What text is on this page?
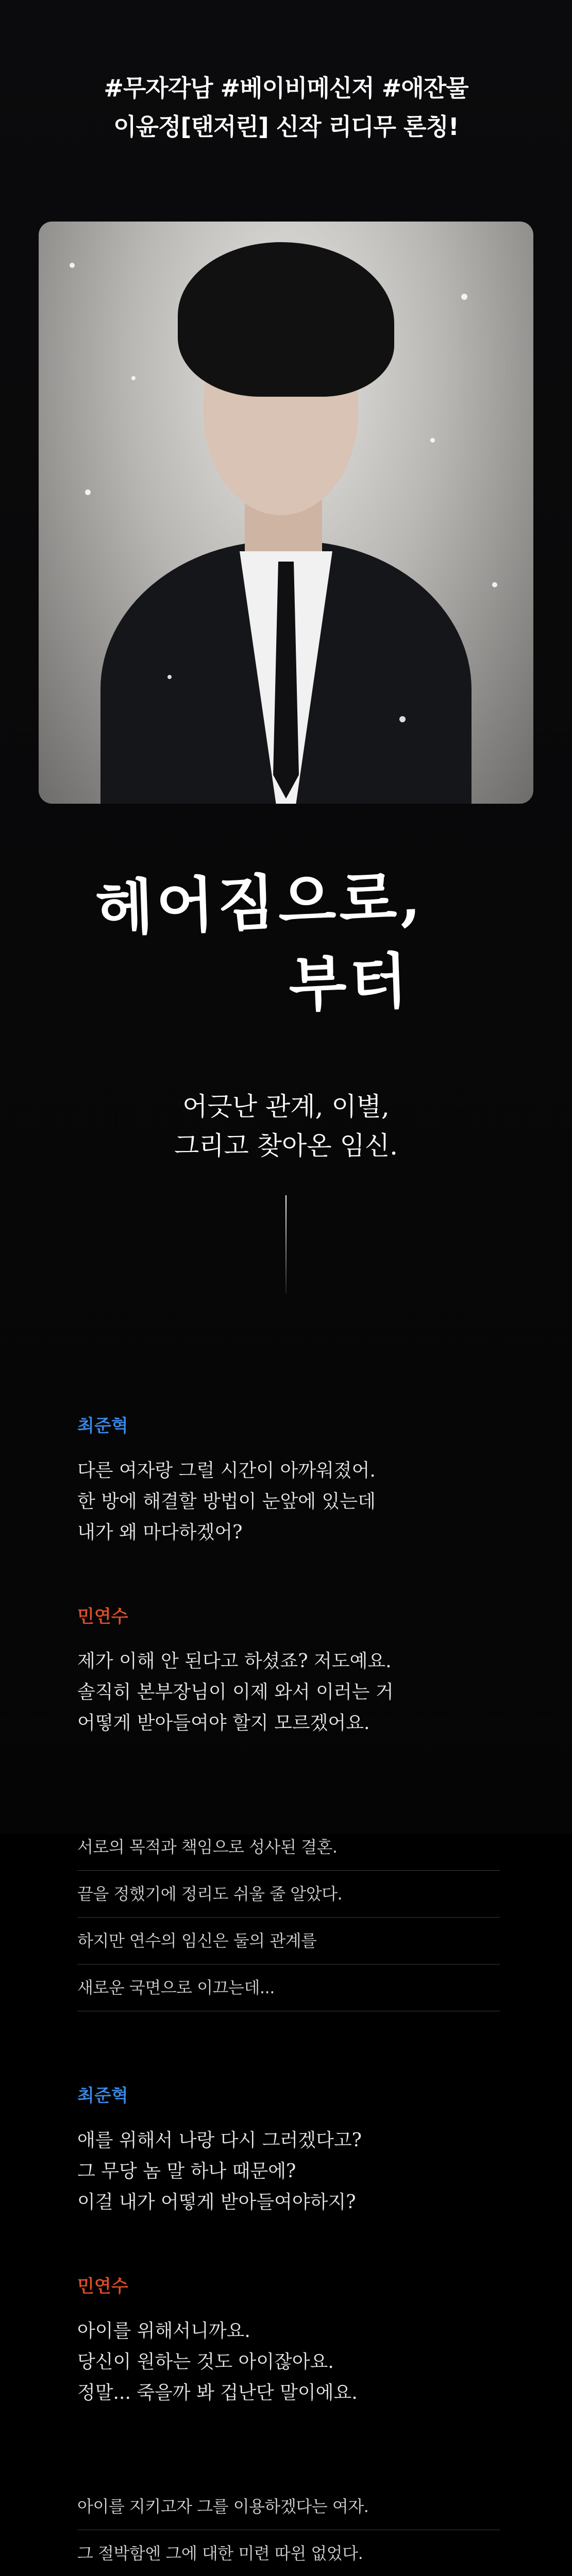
#무자각남 #베이비메신저 #애잔물
이윤정[탠저린] 신작 리디무 론칭!
헤어짐으로,
부터
어긋난 관계, 이별,
그리고 찾아온 임신.
최준혁
다른 여자랑 그럴 시간이 아까워졌어.
한 방에 해결할 방법이 눈앞에 있는데
내가 왜 마다하겠어?
민연수
제가 이해 안 된다고 하셨죠? 저도예요.
솔직히 본부장님이 이제 와서 이러는 거
어떻게 받아들여야 할지 모르겠어요.
서로의 목적과 책임으로 성사된 결혼.
끝을 정했기에 정리도 쉬울 줄 알았다.
하지만 연수의 임신은 둘의 관계를
새로운 국면으로 이끄는데...
최준혁
애를 위해서 나랑 다시 그러겠다고?
그 무당 놈 말 하나 때문에?
이걸 내가 어떻게 받아들여야하지?
민연수
아이를 위해서니까요.
당신이 원하는 것도 아이잖아요.
정말... 죽을까 봐 겁난단 말이에요.
아이를 지키고자 그를 이용하겠다는 여자.
그 절박함엔 그에 대한 미련 따윈 없었다.
